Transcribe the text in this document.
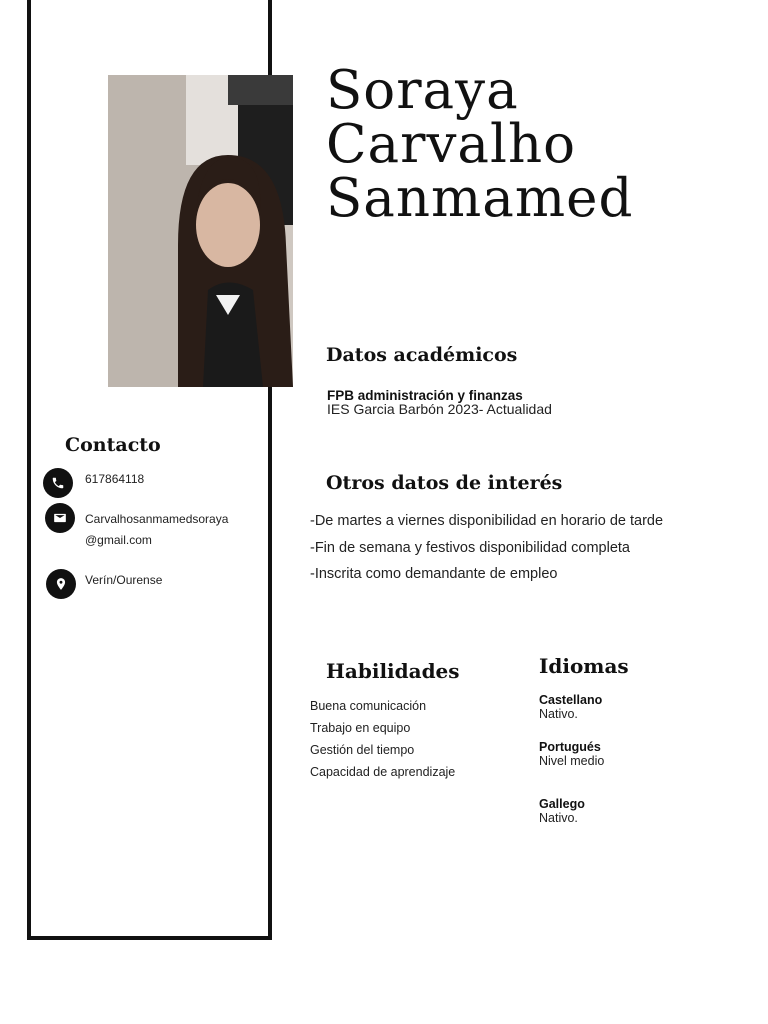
Soraya
Carvalho
Sanmamed
Contacto
617864118
Carvalhosanmamedsoraya
@gmail.com
Verín/Ourense
Datos académicos
FPB administración y finanzas
IES Garcia Barbón 2023- Actualidad
Otros datos de interés

-De martes a viernes disponibilidad en horario de tarde

-Fin de semana y festivos disponibilidad completa

-Inscrita como demandante de empleo

Habilidades
Buena comunicación
Trabajo en equipo
Gestión del tiempo
Capacidad de aprendizaje
Idiomas
Castellano
Nativo.
Portugués
Nivel medio
Gallego
Nativo.
